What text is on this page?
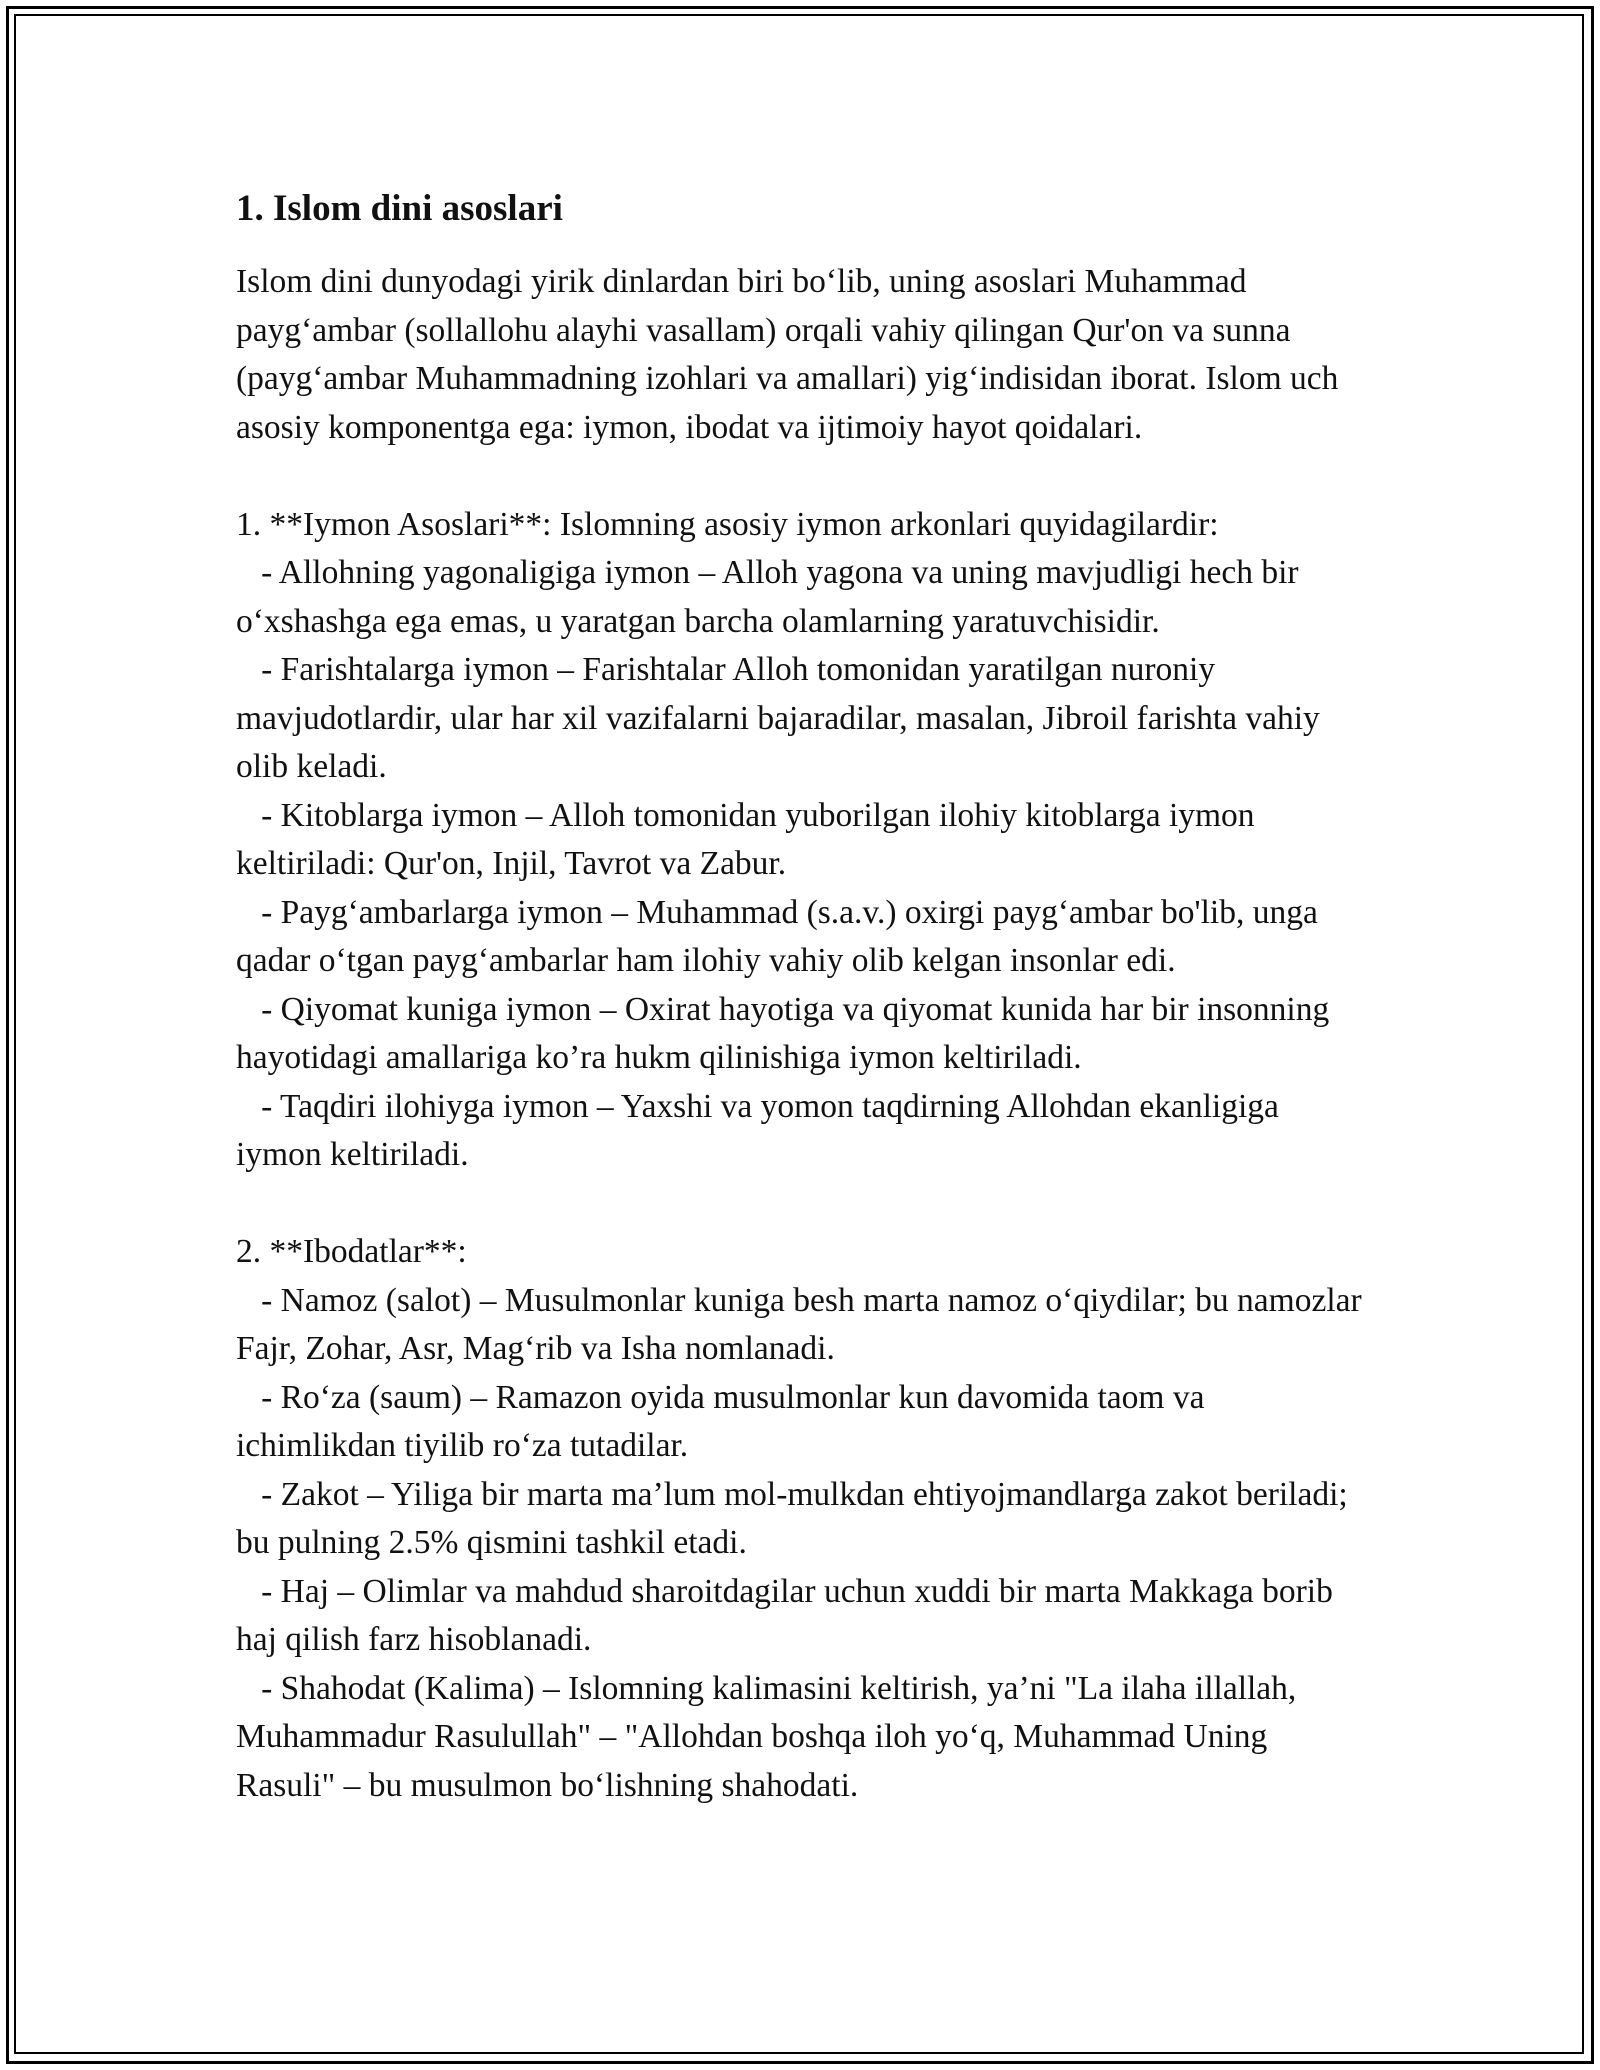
1. Islom dini asoslari

Islom dini dunyodagi yirik dinlardan biri bo‘lib, uning asoslari Muhammad payg‘ambar (sollallohu alayhi vasallam) orqali vahiy qilingan Qur'on va sunna (payg‘ambar Muhammadning izohlari va amallari) yig‘indisidan iborat. Islom uch asosiy komponentga ega: iymon, ibodat va ijtimoiy hayot qoidalari.

1. **Iymon Asoslari**: Islomning asosiy iymon arkonlari quyidagilardir:

- Allohning yagonaligiga iymon – Alloh yagona va uning mavjudligi hech bir o‘xshashga ega emas, u yaratgan barcha olamlarning yaratuvchisidir.

- Farishtalarga iymon – Farishtalar Alloh tomonidan yaratilgan nuroniy mavjudotlardir, ular har xil vazifalarni bajaradilar, masalan, Jibroil farishta vahiy olib keladi.

- Kitoblarga iymon – Alloh tomonidan yuborilgan ilohiy kitoblarga iymon keltiriladi: Qur'on, Injil, Tavrot va Zabur.

- Payg‘ambarlarga iymon – Muhammad (s.a.v.) oxirgi payg‘ambar bo'lib, unga qadar o‘tgan payg‘ambarlar ham ilohiy vahiy olib kelgan insonlar edi.

- Qiyomat kuniga iymon – Oxirat hayotiga va qiyomat kunida har bir insonning hayotidagi amallariga ko’ra hukm qilinishiga iymon keltiriladi.

- Taqdiri ilohiyga iymon – Yaxshi va yomon taqdirning Allohdan ekanligiga iymon keltiriladi.

2. **Ibodatlar**:

- Namoz (salot) – Musulmonlar kuniga besh marta namoz o‘qiydilar; bu namozlar Fajr, Zohar, Asr, Mag‘rib va Isha nomlanadi.

- Ro‘za (saum) – Ramazon oyida musulmonlar kun davomida taom va ichimlikdan tiyilib ro‘za tutadilar.

- Zakot – Yiliga bir marta ma’lum mol-mulkdan ehtiyojmandlarga zakot beriladi; bu pulning 2.5% qismini tashkil etadi.

- Haj – Olimlar va mahdud sharoitdagilar uchun xuddi bir marta Makkaga borib haj qilish farz hisoblanadi.

- Shahodat (Kalima) – Islomning kalimasini keltirish, ya’ni "La ilaha illallah, Muhammadur Rasulullah" – "Allohdan boshqa iloh yo‘q, Muhammad Uning Rasuli" – bu musulmon bo‘lishning shahodati.
